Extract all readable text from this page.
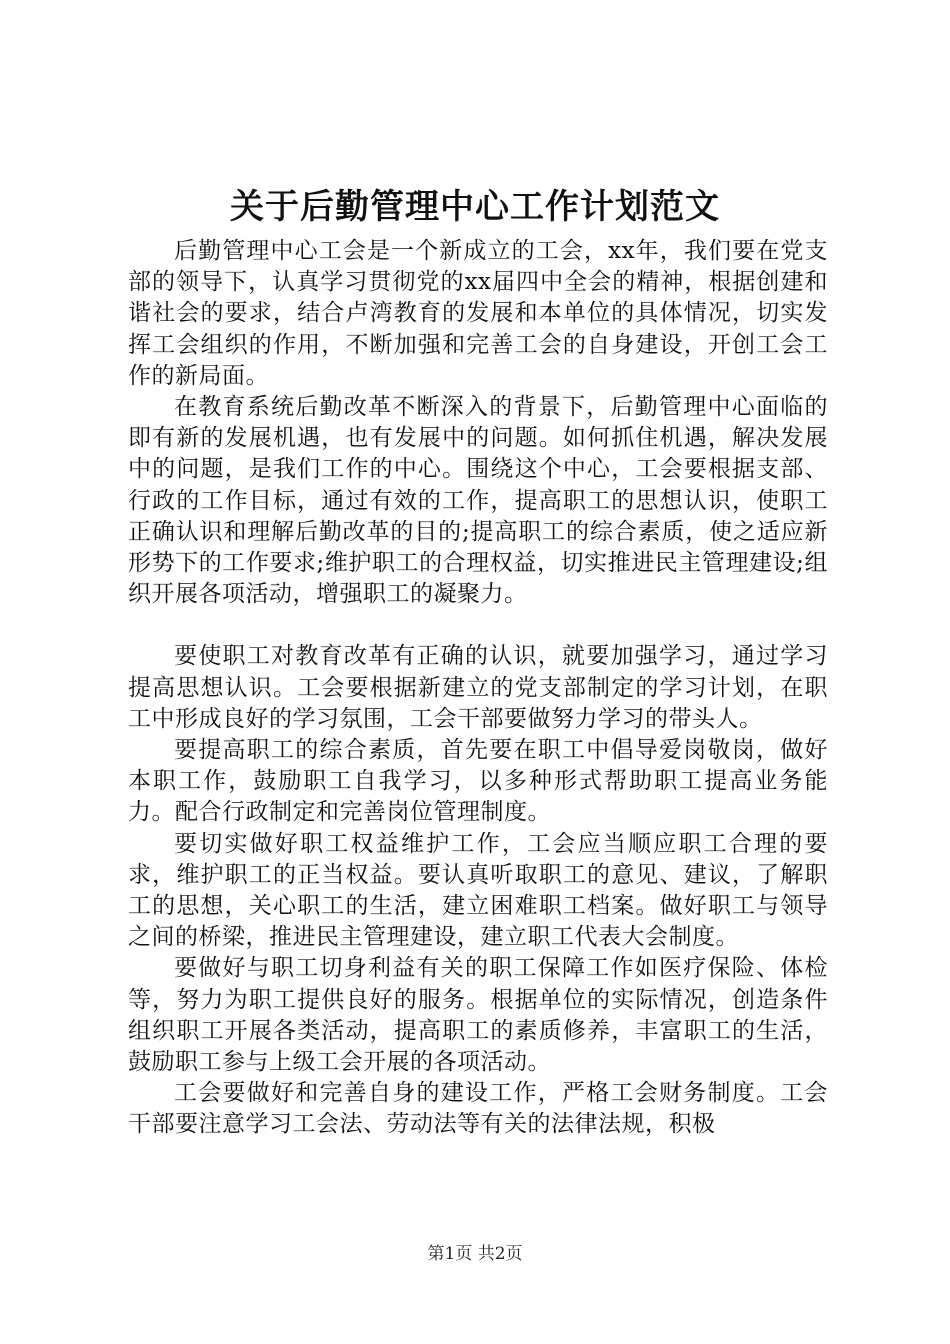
关于后勤管理中心工作计划范文

后勤管理中心工会是一个新成立的工会，xx年，我们要在党支部的领导下，认真学习贯彻党的xx届四中全会的精神，根据创建和谐社会的要求，结合卢湾教育的发展和本单位的具体情况，切实发挥工会组织的作用，不断加强和完善工会的自身建设，开创工会工作的新局面。

在教育系统后勤改革不断深入的背景下，后勤管理中心面临的即有新的发展机遇，也有发展中的问题。如何抓住机遇，解决发展中的问题，是我们工作的中心。围绕这个中心，工会要根据支部、行政的工作目标，通过有效的工作，提高职工的思想认识，使职工正确认识和理解后勤改革的目的;提高职工的综合素质，使之适应新形势下的工作要求;维护职工的合理权益，切实推进民主管理建设;组织开展各项活动，增强职工的凝聚力。

要使职工对教育改革有正确的认识，就要加强学习，通过学习提高思想认识。工会要根据新建立的党支部制定的学习计划，在职工中形成良好的学习氛围，工会干部要做努力学习的带头人。

要提高职工的综合素质，首先要在职工中倡导爱岗敬岗，做好本职工作，鼓励职工自我学习，以多种形式帮助职工提高业务能力。配合行政制定和完善岗位管理制度。

要切实做好职工权益维护工作，工会应当顺应职工合理的要求，维护职工的正当权益。要认真听取职工的意见、建议，了解职工的思想，关心职工的生活，建立困难职工档案。做好职工与领导之间的桥梁，推进民主管理建设，建立职工代表大会制度。

要做好与职工切身利益有关的职工保障工作如医疗保险、体检等，努力为职工提供良好的服务。根据单位的实际情况，创造条件组织职工开展各类活动，提高职工的素质修养，丰富职工的生活，鼓励职工参与上级工会开展的各项活动。

工会要做好和完善自身的建设工作，严格工会财务制度。工会干部要注意学习工会法、劳动法等有关的法律法规，积极

第1页 共2页
